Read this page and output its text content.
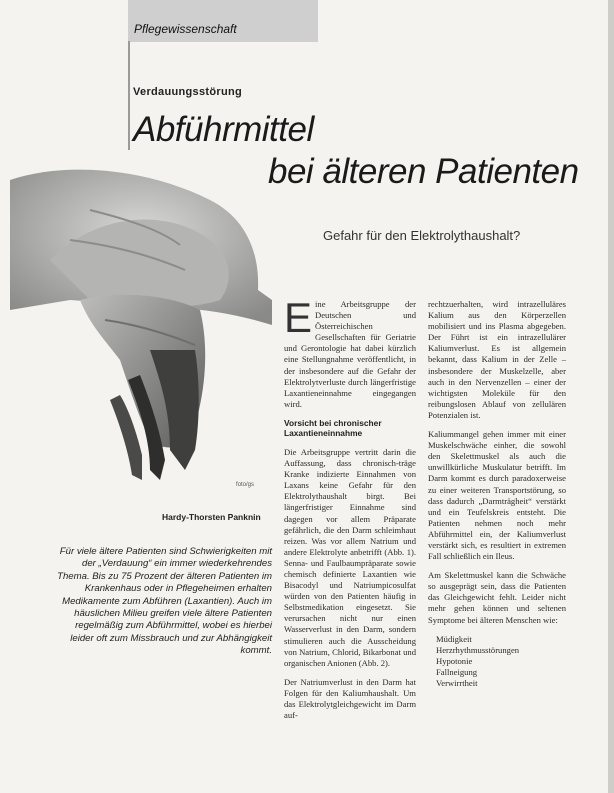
Pflegewissenschaft
Verdauungsstörung
Abführmittel
bei älteren Patienten
Gefahr für den Elektrolythaushalt?
foto/gs
Hardy-Thorsten Panknin
Für viele ältere Patienten sind Schwierigkeiten mit der „Verdauung“ ein immer wiederkehrendes Thema. Bis zu 75 Prozent der älteren Patienten im Krankenhaus oder in Pflegeheimen erhalten Medikamente zum Abführen (Laxantien). Auch im häuslichen Milieu greifen viele ältere Patienten regelmäßig zum Abführmittel, wobei es hierbei leider oft zum Missbrauch und zur Abhängigkeit kommt.

Eine Arbeitsgruppe der Deutschen und Österreichischen Gesellschaften für Geriatrie und Gerontologie hat dabei kürzlich eine Stellungnahme veröffentlicht, in der insbesondere auf die Gefahr der Elektrolytverluste durch längerfristige Laxantieneinnahme eingegangen wird.

Vorsicht bei chronischer Laxantieneinnahme

Die Arbeitsgruppe vertritt darin die Auffassung, dass chronisch-träge Kranke indizierte Einnahmen von Laxans keine Gefahr für den Elektrolythaushalt birgt. Bei längerfristiger Einnahme sind dagegen vor allem Präparate gefährlich, die den Darm schleimhaut reizen. Was vor allem Natrium und andere Elektrolyte anbetrifft (Abb. 1). Senna- und Faulbaumpräparate sowie chemisch definierte Laxantien wie Bisacodyl und Natriumpicosulfat würden von den Patienten häufig in Selbstmedikation eingesetzt. Sie verursachen nicht nur einen Wasserverlust in den Darm, sondern stimulieren auch die Ausscheidung von Natrium, Chlorid, Bikarbonat und organischen Anionen (Abb. 2).

Der Natriumverlust in den Darm hat Folgen für den Kaliumhaushalt. Um das Elektrolytgleichgewicht im Darm auf-

rechtzuerhalten, wird intrazelluläres Kalium aus den Körperzellen mobilisiert und ins Plasma abgegeben. Der Führt ist ein intrazellulärer Kaliumverlust. Es ist allgemein bekannt, dass Kalium in der Zelle – insbesondere der Muskelzelle, aber auch in den Nervenzellen – einer der wichtigsten Moleküle für den reibungslosen Ablauf von zellulären Potenzialen ist.

Kaliummangel gehen immer mit einer Muskelschwäche einher, die sowohl den Skelettmuskel als auch die unwillkürliche Muskulatur betrifft. Im Darm kommt es durch paradoxerweise zu einer weiteren Transportstörung, so dass dadurch „Darmträgheit“ verstärkt und ein Teufelskreis entsteht. Die Patienten nehmen noch mehr Abführmittel ein, der Kaliumverlust verstärkt sich, es resultiert in extremen Fall schließlich ein Ileus.

Am Skelettmuskel kann die Schwäche so ausgeprägt sein, dass die Patienten das Gleichgewicht fehlt. Leider nicht mehr gehen können und seltenen Symptome bei älteren Menschen wie:

Müdigkeit
Herzrhythmusstörungen
Hypotonie
Fallneigung
Verwirrtheit
